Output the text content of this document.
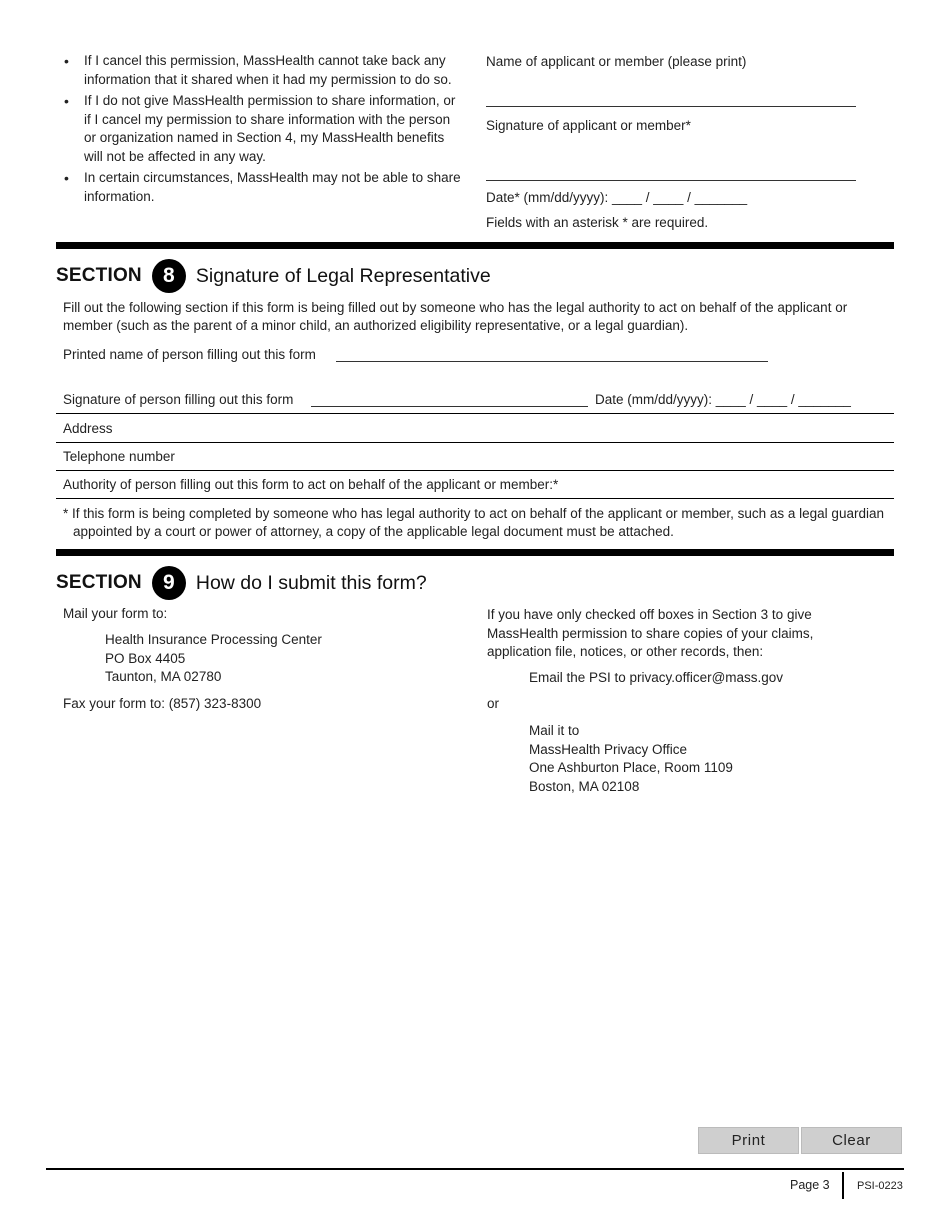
• If I cancel this permission, MassHealth cannot take back any information that it shared when it had my permission to do so.
• If I do not give MassHealth permission to share information, or if I cancel my permission to share information with the person or organization named in Section 4, my MassHealth benefits will not be affected in any way.
• In certain circumstances, MassHealth may not be able to share information.
Name of applicant or member (please print)
Signature of applicant or member*
Date* (mm/dd/yyyy): ____ / ____ / _______
Fields with an asterisk * are required.
SECTION	8	Signature of Legal Representative
Fill out the following section if this form is being filled out by someone who has the legal authority to act on behalf of the applicant or member (such as the parent of a minor child, an authorized eligibility representative, or a legal guardian).
Printed name of person filling out this form
Signature of person filling out this form	Date (mm/dd/yyyy): ____ / ____ / _______
Address
Telephone number
Authority of person filling out this form to act on behalf of the applicant or member:*
* If this form is being completed by someone who has legal authority to act on behalf of the applicant or member, such as a legal guardian appointed by a court or power of attorney, a copy of the applicable legal document must be attached.
SECTION	9	How do I submit this form?
Mail your form to:
Health Insurance Processing Center
PO Box 4405
Taunton, MA 02780
Fax your form to: (857) 323-8300
If you have only checked off boxes in Section 3 to give MassHealth permission to share copies of your claims, application file, notices, or other records, then:
Email the PSI to privacy.officer@mass.gov
or
Mail it to
MassHealth Privacy Office
One Ashburton Place, Room 1109
Boston, MA 02108
Print	Clear
Page 3 PSI-0223
